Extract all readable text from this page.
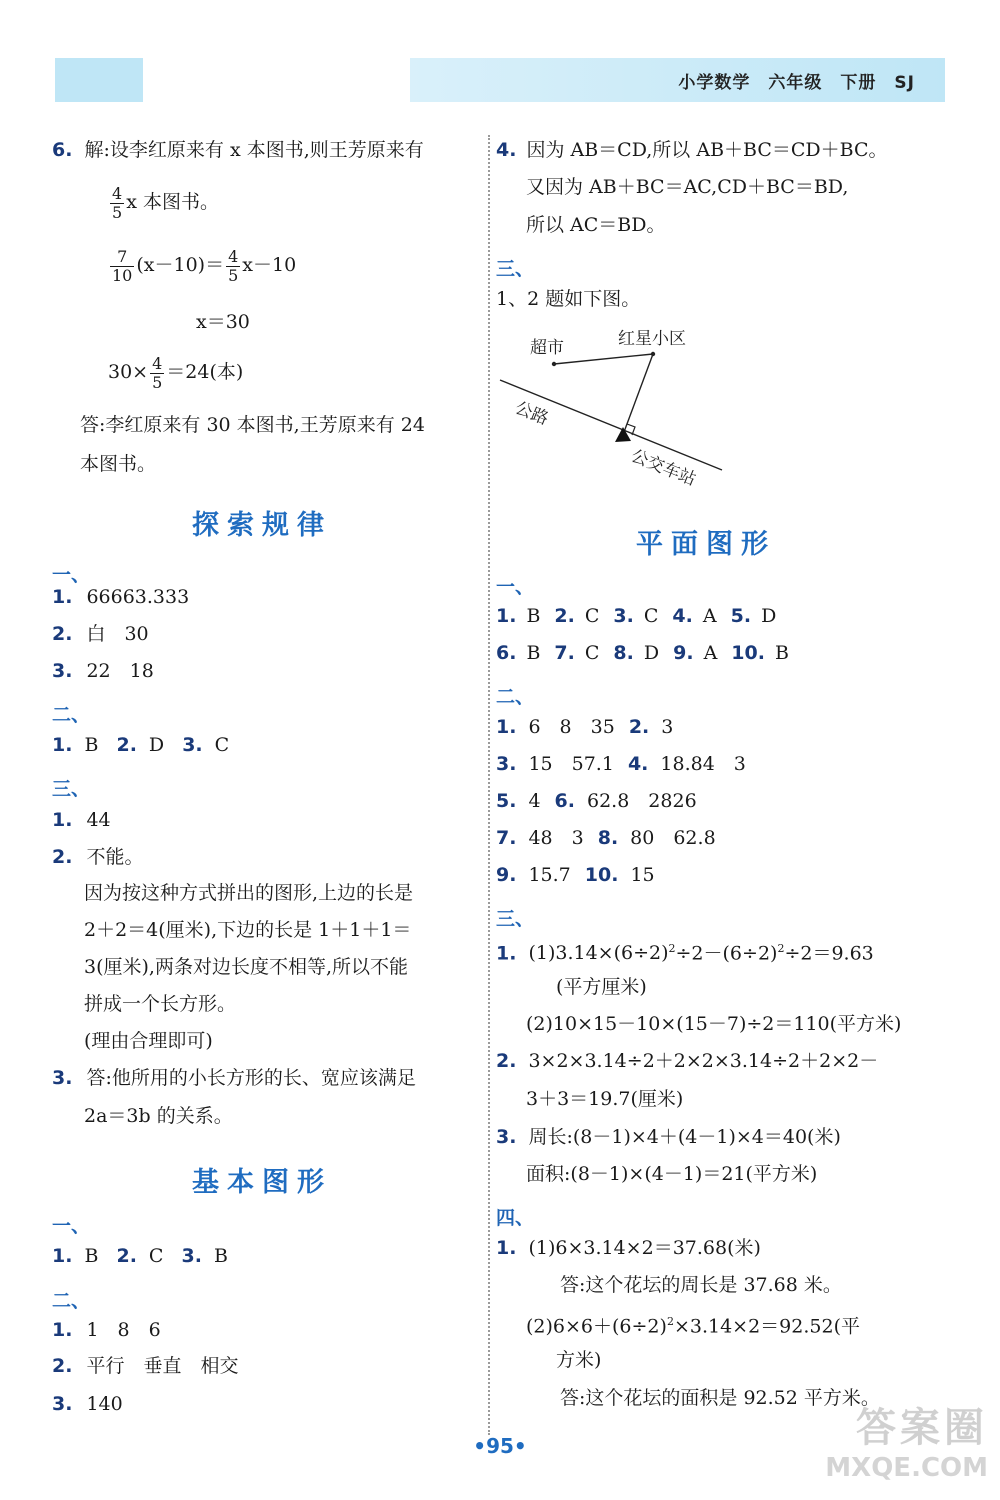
小学数学　六年级　下册　SJ
6. 解:设李红原来有 x 本图书,则王芳原来有
$\frac{4}{5}$ x 本图书。
$\frac{7}{10} (x-10)= \frac{4}{5} x-10$
x＝30
$30\times \frac{4}{5} =24$(本)
答:李红原来有 30 本图书,王芳原来有 24
本图书。
探索规律
一、
1. 66663.333
2. 白　30
3. 22　18
二、
1. B 2. D 3. C
三、
1. 44
2. 不能。
因为按这种方式拼出的图形,上边的长是
2＋2＝4(厘米),下边的长是 1＋1＋1＝
3(厘米),两条对边长度不相等,所以不能
拼成一个长方形。
(理由合理即可)
3. 答:他所用的小长方形的长、宽应该满足
2a＝3b 的关系。
基本图形
一、
1. B 2. C 3. B
二、
1. 1　8　6
2. 平行　垂直　相交
3. 140
4. 因为 AB＝CD,所以 AB＋BC＝CD＋BC。
又因为 AB＋BC＝AC,CD＋BC＝BD,
所以 AC＝BD。
三、
1、2 题如下图。
超市	红星小区
公路
公交车站
平面图形
一、
1. B 2. C 3. C 4. A 5. D
6. B 7. C 8. D 9. A 10. B
二、
1. 6　8　35 2. 3
3. 15　57.1 4. 18.84　3
5. 4 6. 62.8　2826
7. 48　3 8. 80　62.8
9. 15.7 10. 15
三、
1. $(1)3.14\times(6\div 2)^2\div 2-(6\div 2)^2\div 2=9.63$
(平方厘米)
(2)10×15－10×(15－7)÷2＝110(平方米)
2. 3×2×3.14÷2＋2×2×3.14÷2＋2×2－
3＋3＝19.7(厘米)
3. 周长:(8－1)×4＋(4－1)×4＝40(米)
面积:(8－1)×(4－1)＝21(平方米)
四、
1. (1)6×3.14×2＝37.68(米)
答:这个花坛的周长是 37.68 米。
$(2)6\times 6+(6\div 2)^2\times 3.14\times 2=92.52$(平
方米)
答:这个花坛的面积是 92.52 平方米。
•95•	答案圈
MXQE.COM
